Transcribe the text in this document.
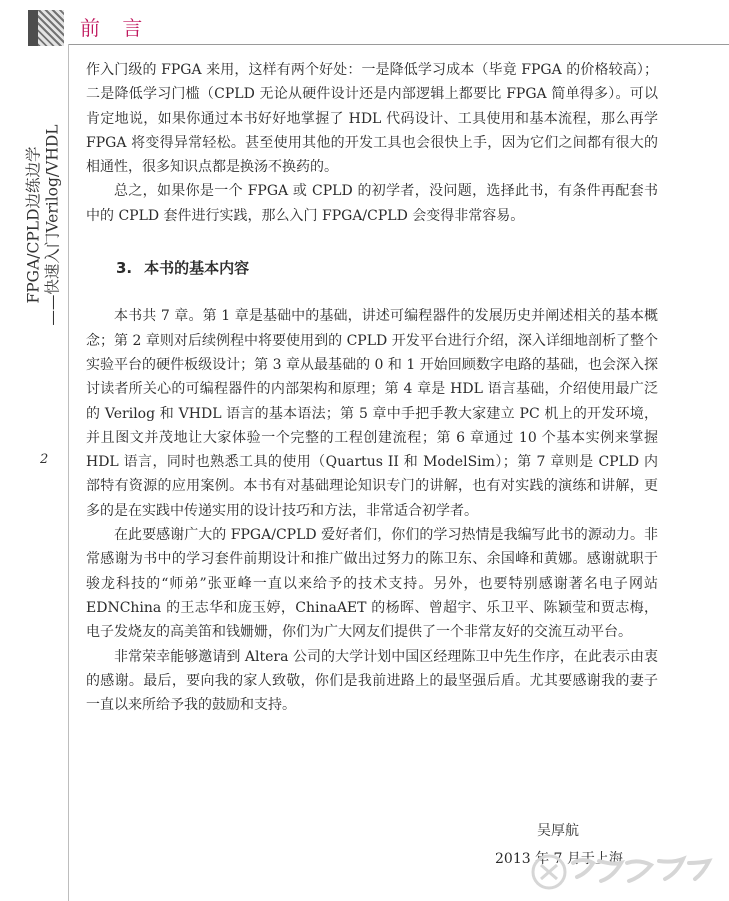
前 言
FPGA/CPLD边练边学 ——快速入门Verilog/VHDL
2

作入门级的 FPGA 来用，这样有两个好处：一是降低学习成本（毕竟 FPGA 的价格较高）；二是降低学习门槛（CPLD 无论从硬件设计还是内部逻辑上都要比 FPGA 简单得多）。可以肯定地说，如果你通过本书好好地掌握了 HDL 代码设计、工具使用和基本流程，那么再学 FPGA 将变得异常轻松。甚至使用其他的开发工具也会很快上手，因为它们之间都有很大的相通性，很多知识点都是换汤不换药的。

总之，如果你是一个 FPGA 或 CPLD 的初学者，没问题，选择此书，有条件再配套书中的 CPLD 套件进行实践，那么入门 FPGA/CPLD 会变得非常容易。

3. 本书的基本内容

本书共 7 章。第 1 章是基础中的基础，讲述可编程器件的发展历史并阐述相关的基本概念；第 2 章则对后续例程中将要使用到的 CPLD 开发平台进行介绍，深入详细地剖析了整个实验平台的硬件板级设计；第 3 章从最基础的 0 和 1 开始回顾数字电路的基础，也会深入探讨读者所关心的可编程器件的内部架构和原理；第 4 章是 HDL 语言基础，介绍使用最广泛的 Verilog 和 VHDL 语言的基本语法；第 5 章中手把手教大家建立 PC 机上的开发环境，并且图文并茂地让大家体验一个完整的工程创建流程；第 6 章通过 10 个基本实例来掌握 HDL 语言，同时也熟悉工具的使用（Quartus II 和 ModelSim）；第 7 章则是 CPLD 内部特有资源的应用案例。本书有对基础理论知识专门的讲解，也有对实践的演练和讲解，更多的是在实践中传递实用的设计技巧和方法，非常适合初学者。

在此要感谢广大的 FPGA/CPLD 爱好者们，你们的学习热情是我编写此书的源动力。非常感谢为书中的学习套件前期设计和推广做出过努力的陈卫东、余国峰和黄娜。感谢就职于骏龙科技的“师弟”张亚峰一直以来给予的技术支持。另外，也要特别感谢著名电子网站 EDNChina 的王志华和庞玉婷，ChinaAET 的杨晖、曾超宇、乐卫平、陈颖莹和贾志梅，电子发烧友的高美笛和钱姗姗，你们为广大网友们提供了一个非常友好的交流互动平台。

非常荣幸能够邀请到 Altera 公司的大学计划中国区经理陈卫中先生作序，在此表示由衷的感谢。最后，要向我的家人致敬，你们是我前进路上的最坚强后盾。尤其要感谢我的妻子一直以来所给予我的鼓励和支持。

吴厚航
2013 年 7 月于上海
